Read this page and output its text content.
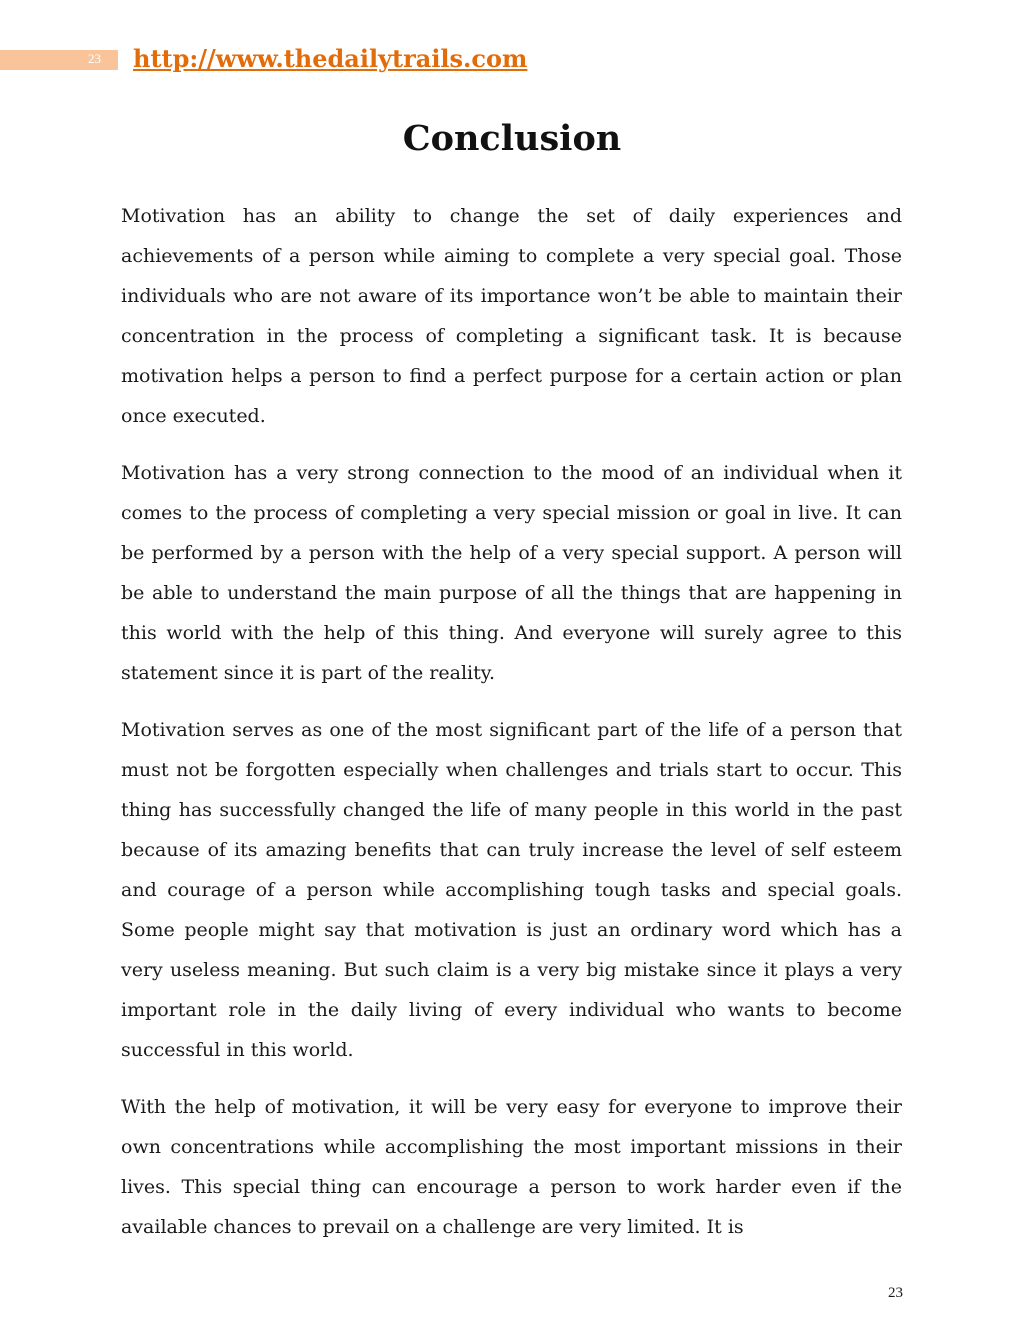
23 http://www.thedailytrails.com
Conclusion

Motivation has an ability to change the set of daily experiences and achievements of a person while aiming to complete a very special goal. Those individuals who are not aware of its importance won’t be able to maintain their concentration in the process of completing a significant task. It is because motivation helps a person to find a perfect purpose for a certain action or plan once executed.

Motivation has a very strong connection to the mood of an individual when it comes to the process of completing a very special mission or goal in live. It can be performed by a person with the help of a very special support. A person will be able to understand the main purpose of all the things that are happening in this world with the help of this thing. And everyone will surely agree to this statement since it is part of the reality.

Motivation serves as one of the most significant part of the life of a person that must not be forgotten especially when challenges and trials start to occur. This thing has successfully changed the life of many people in this world in the past because of its amazing benefits that can truly increase the level of self esteem and courage of a person while accomplishing tough tasks and special goals. Some people might say that motivation is just an ordinary word which has a very useless meaning. But such claim is a very big mistake since it plays a very important role in the daily living of every individual who wants to become successful in this world.

With the help of motivation, it will be very easy for everyone to improve their own concentrations while accomplishing the most important missions in their lives. This special thing can encourage a person to work harder even if the available chances to prevail on a challenge are very limited. It is

23
